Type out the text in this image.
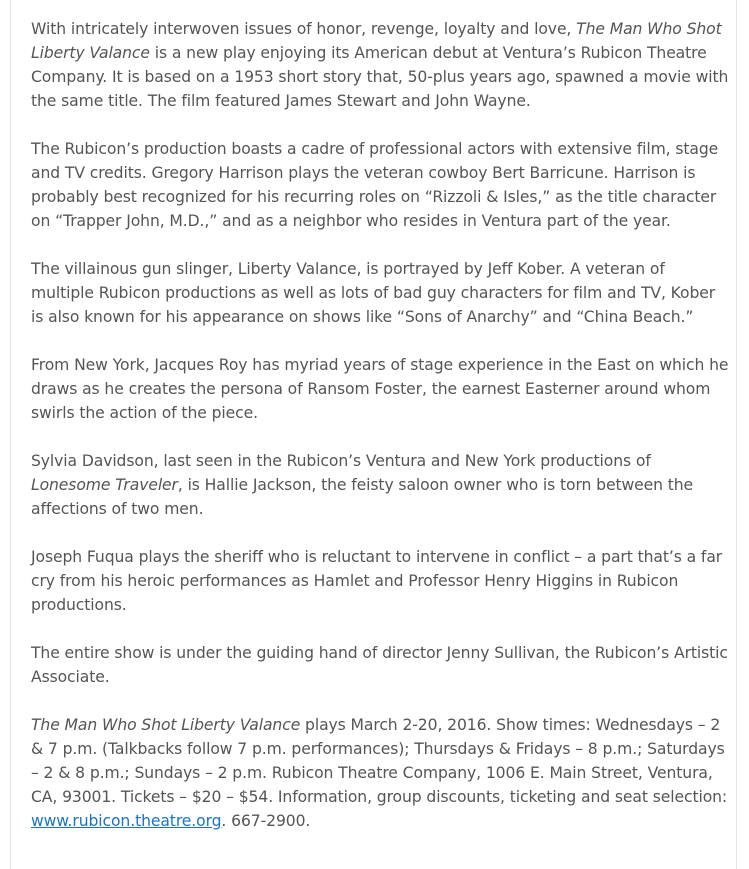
With intricately interwoven issues of honor, revenge, loyalty and love, The Man Who Shot Liberty Valance is a new play enjoying its American debut at Ventura’s Rubicon Theatre Company. It is based on a 1953 short story that, 50-plus years ago, spawned a movie with the same title. The film featured James Stewart and John Wayne.

The Rubicon’s production boasts a cadre of professional actors with extensive film, stage and TV credits. Gregory Harrison plays the veteran cowboy Bert Barricune. Harrison is probably best recognized for his recurring roles on “Rizzoli & Isles,” as the title character on “Trapper John, M.D.,” and as a neighbor who resides in Ventura part of the year.

The villainous gun slinger, Liberty Valance, is portrayed by Jeff Kober. A veteran of multiple Rubicon productions as well as lots of bad guy characters for film and TV, Kober is also known for his appearance on shows like “Sons of Anarchy” and “China Beach.”

From New York, Jacques Roy has myriad years of stage experience in the East on which he draws as he creates the persona of Ransom Foster, the earnest Easterner around whom swirls the action of the piece.

Sylvia Davidson, last seen in the Rubicon’s Ventura and New York productions of Lonesome Traveler, is Hallie Jackson, the feisty saloon owner who is torn between the affections of two men.

Joseph Fuqua plays the sheriff who is reluctant to intervene in conflict – a part that’s a far cry from his heroic performances as Hamlet and Professor Henry Higgins in Rubicon productions.

The entire show is under the guiding hand of director Jenny Sullivan, the Rubicon’s Artistic Associate.

The Man Who Shot Liberty Valance plays March 2-20, 2016. Show times: Wednesdays – 2 & 7 p.m. (Talkbacks follow 7 p.m. performances); Thursdays & Fridays – 8 p.m.; Saturdays – 2 & 8 p.m.; Sundays – 2 p.m. Rubicon Theatre Company, 1006 E. Main Street, Ventura, CA, 93001. Tickets – $20 – $54. Information, group discounts, ticketing and seat selection: www.rubicon.theatre.org. 667-2900.
